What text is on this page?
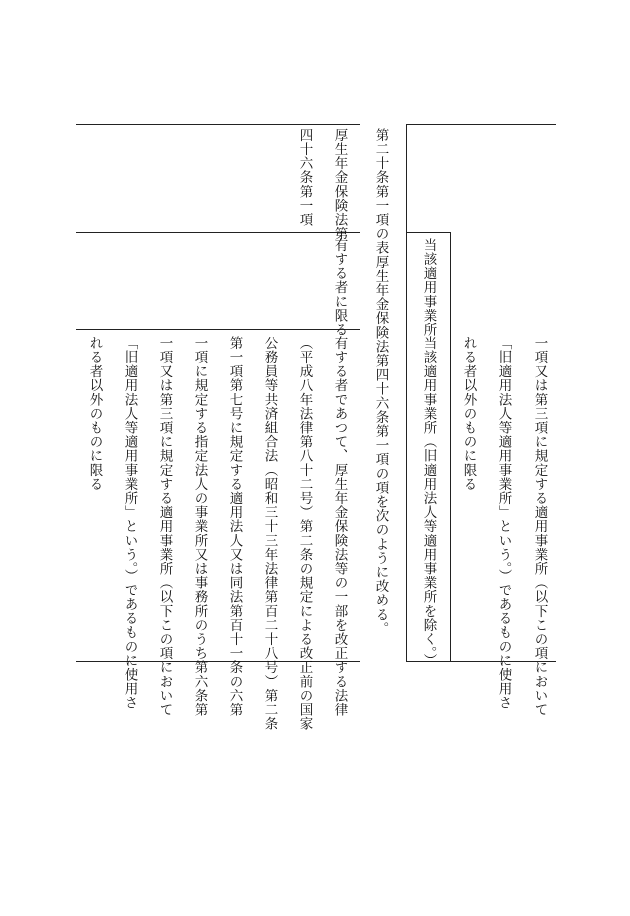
一項又は第三項に規定する適用事業所（以下この項において
「旧適用法人等適用事業所」という。）であるものに使用さ
れる者以外のものに限る
当該適用事業所
当該適用事業所（旧適用法人等適用事業所を除く。）
第二十条第一項の表厚生年金保険法第四十六条第一項の項を次のように改める。
厚生年金保険法第
四十六条第一項
有する者に限る
有する者であつて、厚生年金保険法等の一部を改正する法律
（平成八年法律第八十二号）第二条の規定による改正前の国家
公務員等共済組合法（昭和三十三年法律第百二十八号）第二条
第一項第七号に規定する適用法人又は同法第百十一条の六第
一項に規定する指定法人の事業所又は事務所のうち第六条第
一項又は第三項に規定する適用事業所（以下この項において
「旧適用法人等適用事業所」という。）であるものに使用さ
れる者以外のものに限る
